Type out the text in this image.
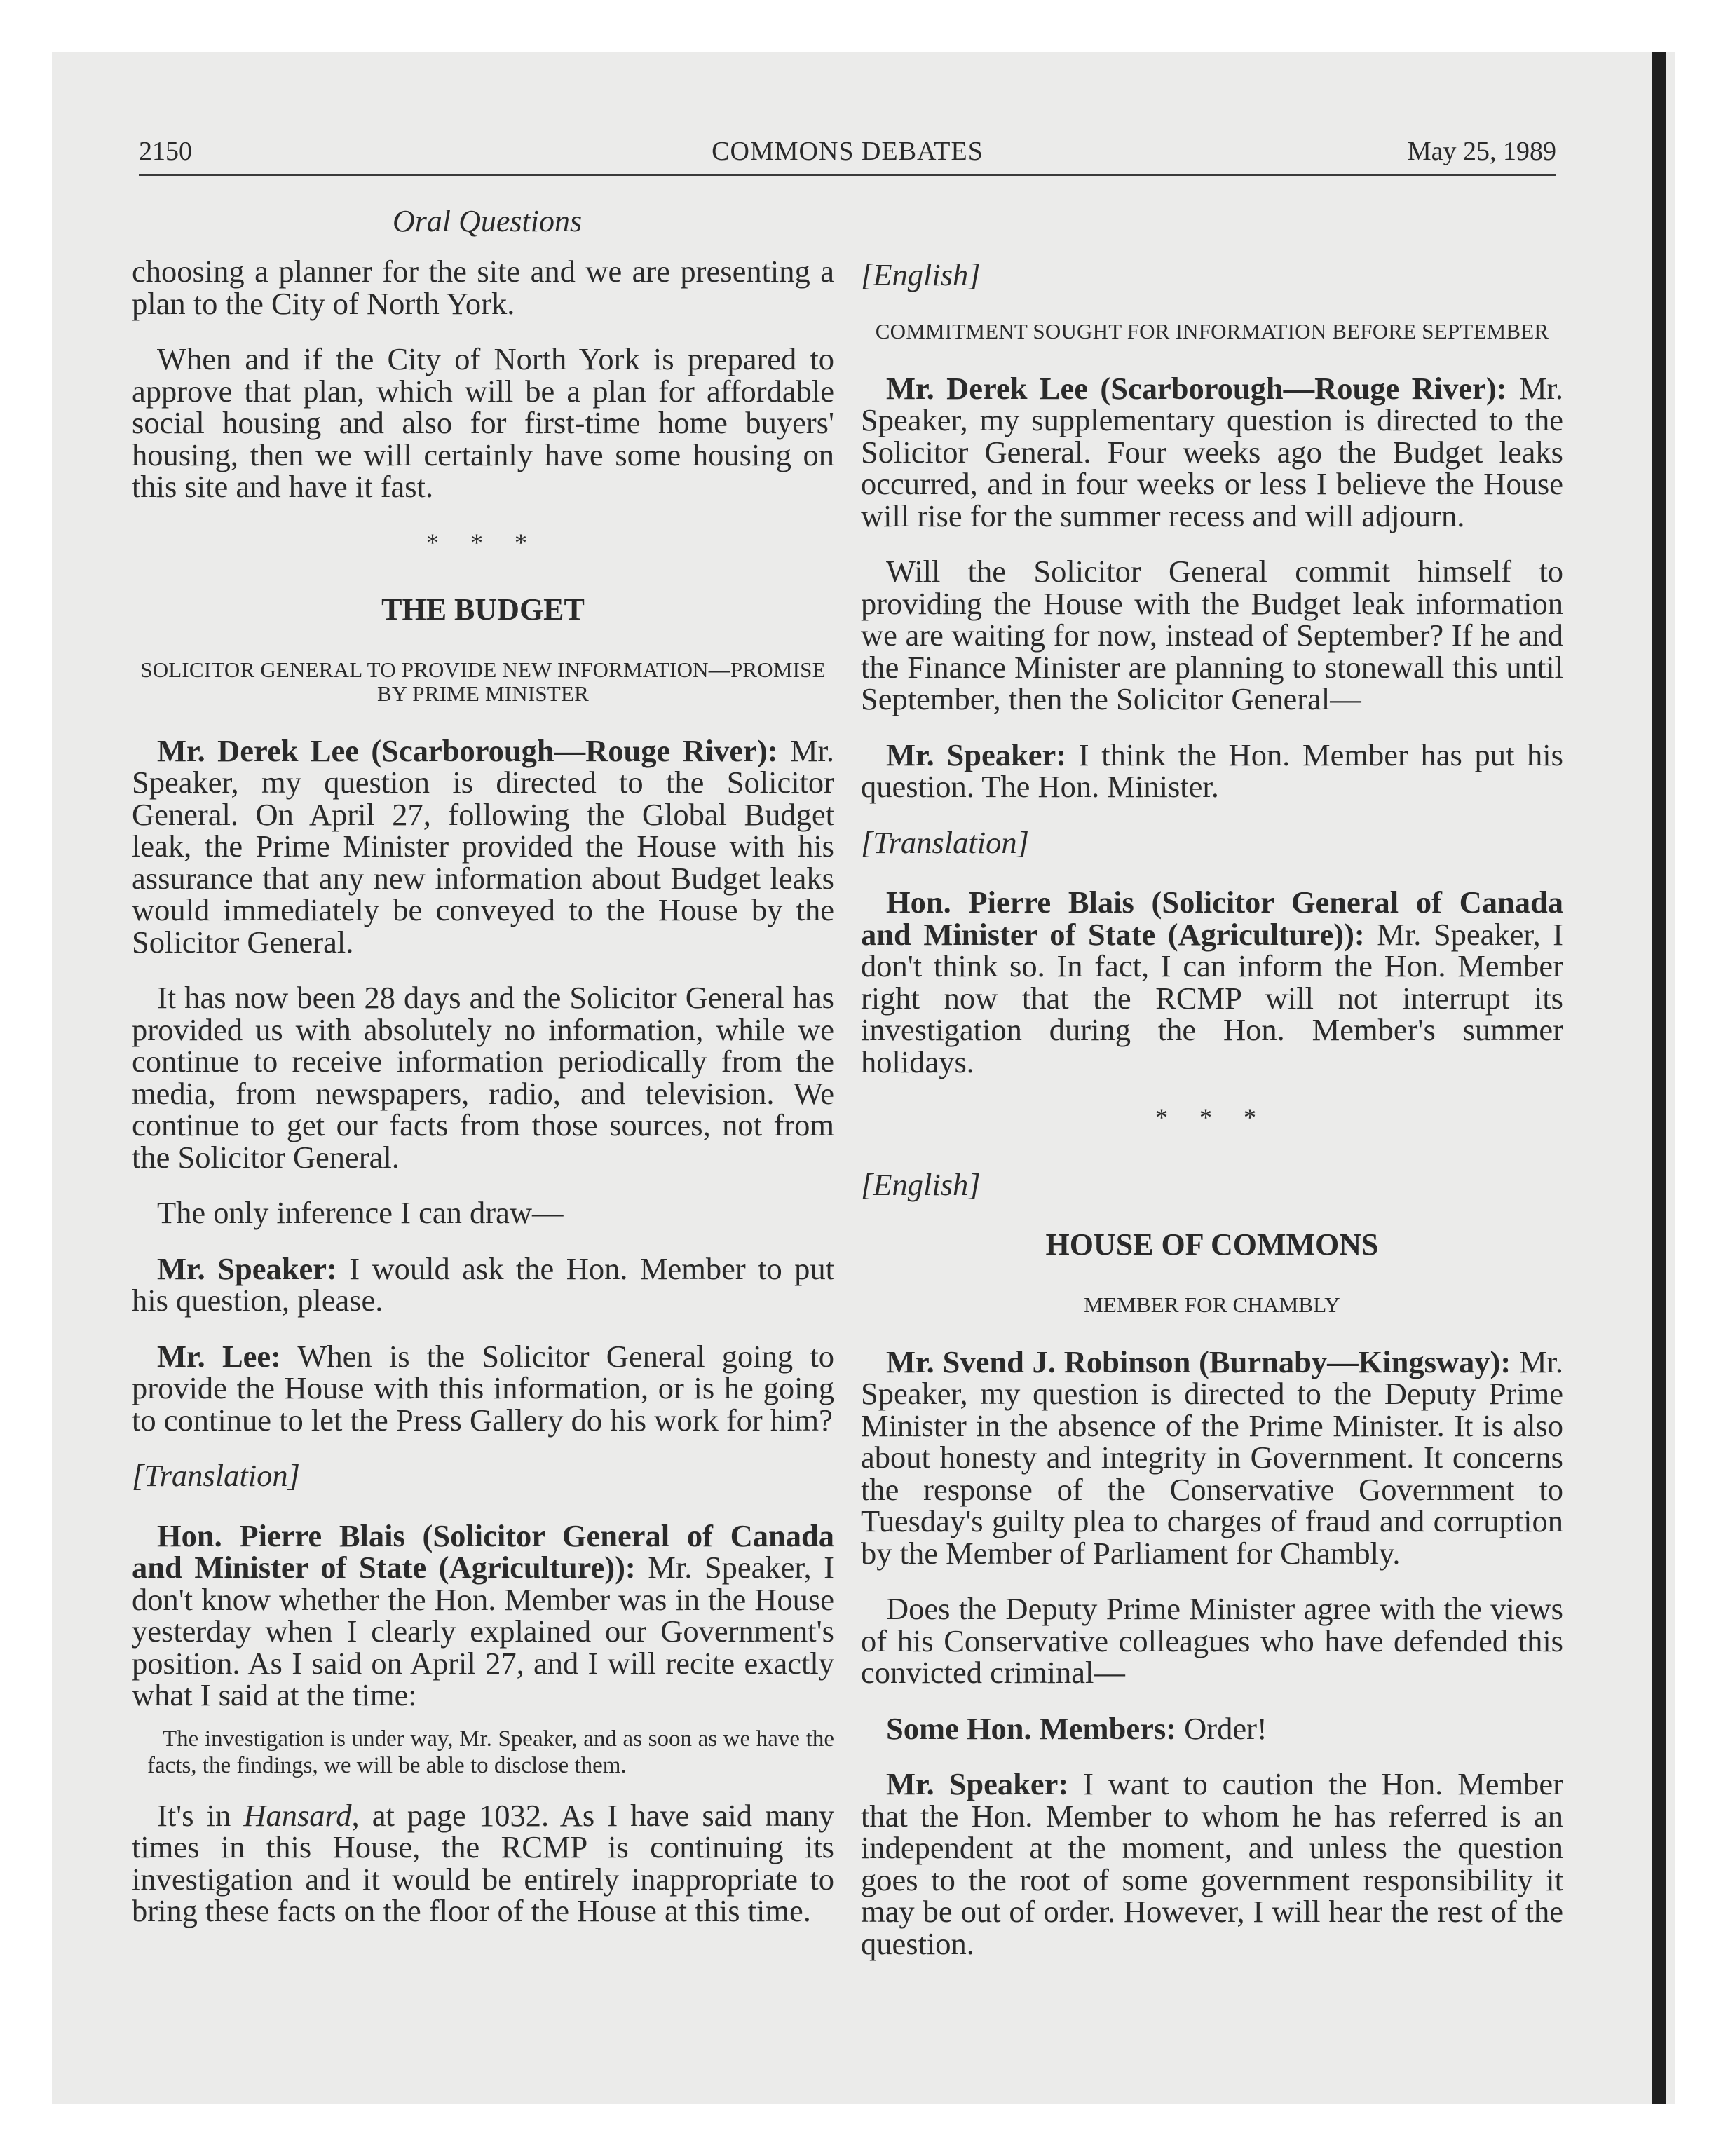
2150	COMMONS DEBATES	May 25, 1989
Oral Questions

choosing a planner for the site and we are presenting a plan to the City of North York.

When and if the City of North York is prepared to approve that plan, which will be a plan for affordable social housing and also for first-time home buyers' housing, then we will certainly have some housing on this site and have it fast.

* * *
THE BUDGET
SOLICITOR GENERAL TO PROVIDE NEW INFORMATION—PROMISE BY PRIME MINISTER

Mr. Derek Lee (Scarborough—Rouge River): Mr. Speaker, my question is directed to the Solicitor General. On April 27, following the Global Budget leak, the Prime Minister provided the House with his assurance that any new information about Budget leaks would immediately be conveyed to the House by the Solicitor General.

It has now been 28 days and the Solicitor General has provided us with absolutely no information, while we continue to receive information periodically from the media, from newspapers, radio, and television. We continue to get our facts from those sources, not from the Solicitor General.

The only inference I can draw—

Mr. Speaker: I would ask the Hon. Member to put his question, please.

Mr. Lee: When is the Solicitor General going to provide the House with this information, or is he going to continue to let the Press Gallery do his work for him?

[Translation]

Hon. Pierre Blais (Solicitor General of Canada and Minister of State (Agriculture)): Mr. Speaker, I don't know whether the Hon. Member was in the House yesterday when I clearly explained our Government's position. As I said on April 27, and I will recite exactly what I said at the time:

The investigation is under way, Mr. Speaker, and as soon as we have the facts, the findings, we will be able to disclose them.

It's in Hansard, at page 1032. As I have said many times in this House, the RCMP is continuing its investigation and it would be entirely inappropriate to bring these facts on the floor of the House at this time.

[English]
COMMITMENT SOUGHT FOR INFORMATION BEFORE SEPTEMBER

Mr. Derek Lee (Scarborough—Rouge River): Mr. Speaker, my supplementary question is directed to the Solicitor General. Four weeks ago the Budget leaks occurred, and in four weeks or less I believe the House will rise for the summer recess and will adjourn.

Will the Solicitor General commit himself to providing the House with the Budget leak information we are waiting for now, instead of September? If he and the Finance Minister are planning to stonewall this until September, then the Solicitor General—

Mr. Speaker: I think the Hon. Member has put his question. The Hon. Minister.

[Translation]

Hon. Pierre Blais (Solicitor General of Canada and Minister of State (Agriculture)): Mr. Speaker, I don't think so. In fact, I can inform the Hon. Member right now that the RCMP will not interrupt its investigation during the Hon. Member's summer holidays.

* * *
[English]
HOUSE OF COMMONS
MEMBER FOR CHAMBLY

Mr. Svend J. Robinson (Burnaby—Kingsway): Mr. Speaker, my question is directed to the Deputy Prime Minister in the absence of the Prime Minister. It is also about honesty and integrity in Government. It concerns the response of the Conservative Government to Tuesday's guilty plea to charges of fraud and corruption by the Member of Parliament for Chambly.

Does the Deputy Prime Minister agree with the views of his Conservative colleagues who have defended this convicted criminal—

Some Hon. Members: Order!

Mr. Speaker: I want to caution the Hon. Member that the Hon. Member to whom he has referred is an independent at the moment, and unless the question goes to the root of some government responsibility it may be out of order. However, I will hear the rest of the question.
